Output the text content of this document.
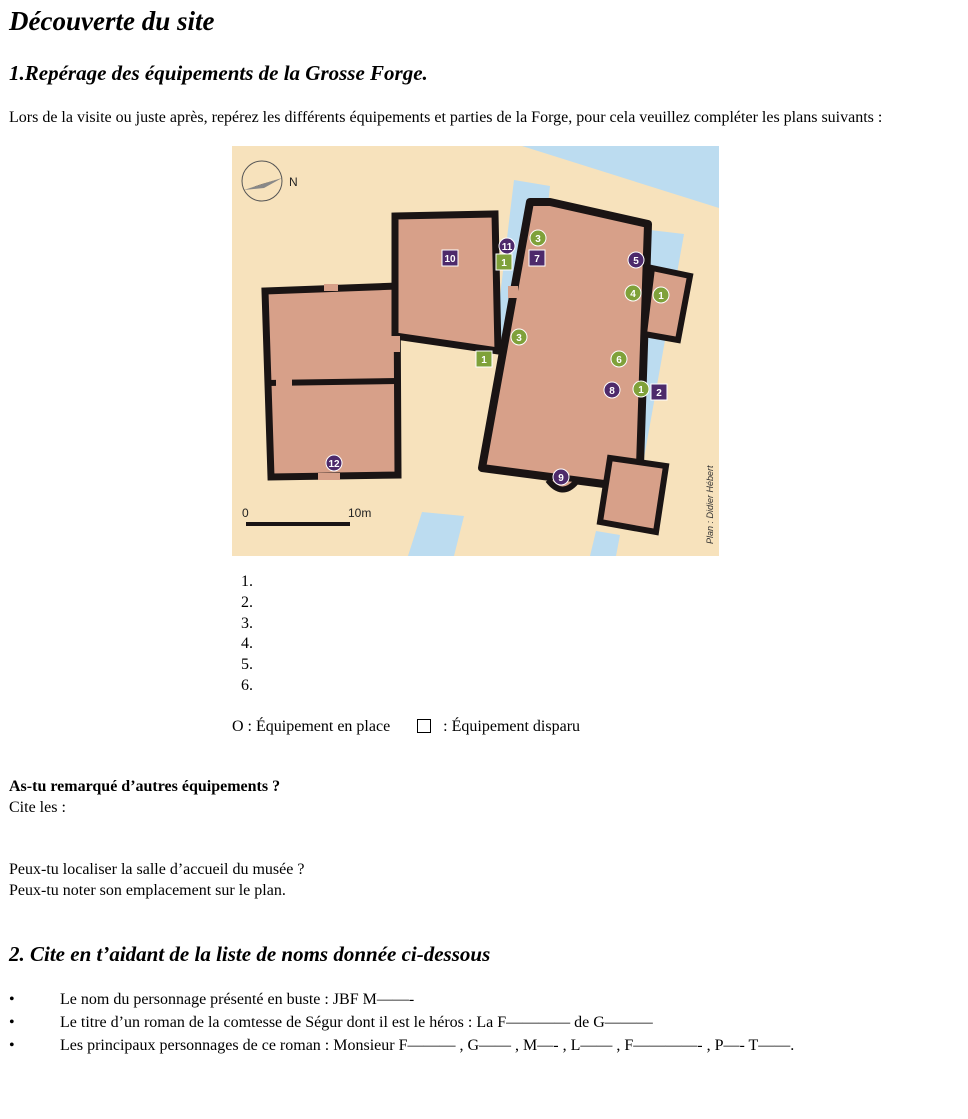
Découverte du site
1.Repérage des équipements de la Grosse Forge.
Lors de la visite ou juste après, repérez les différents équipements et parties de la Forge, pour cela veuillez compléter les plans suivants :
N
0	10m	Plan : Didier Hébert
11
3
5
4 1
3
6
8 1
9
12
10	1	7
1
2
O : Équipement en place	: Équipement disparu
As-tu remarqué d’autres équipements ?
Cite les :
Peux-tu localiser la salle d’accueil du musée ?
Peux-tu noter son emplacement sur le plan.
2. Cite en t’aidant de la liste de noms donnée ci-dessous
•	Le nom du personnage présenté en buste : JBF M——-
•	Le titre d’un roman de la comtesse de Ségur dont il est le héros : La F———— de G———
•	Les principaux personnages de ce roman : Monsieur F——— , G—— , M—- , L—— , F————- , P—- T——.
